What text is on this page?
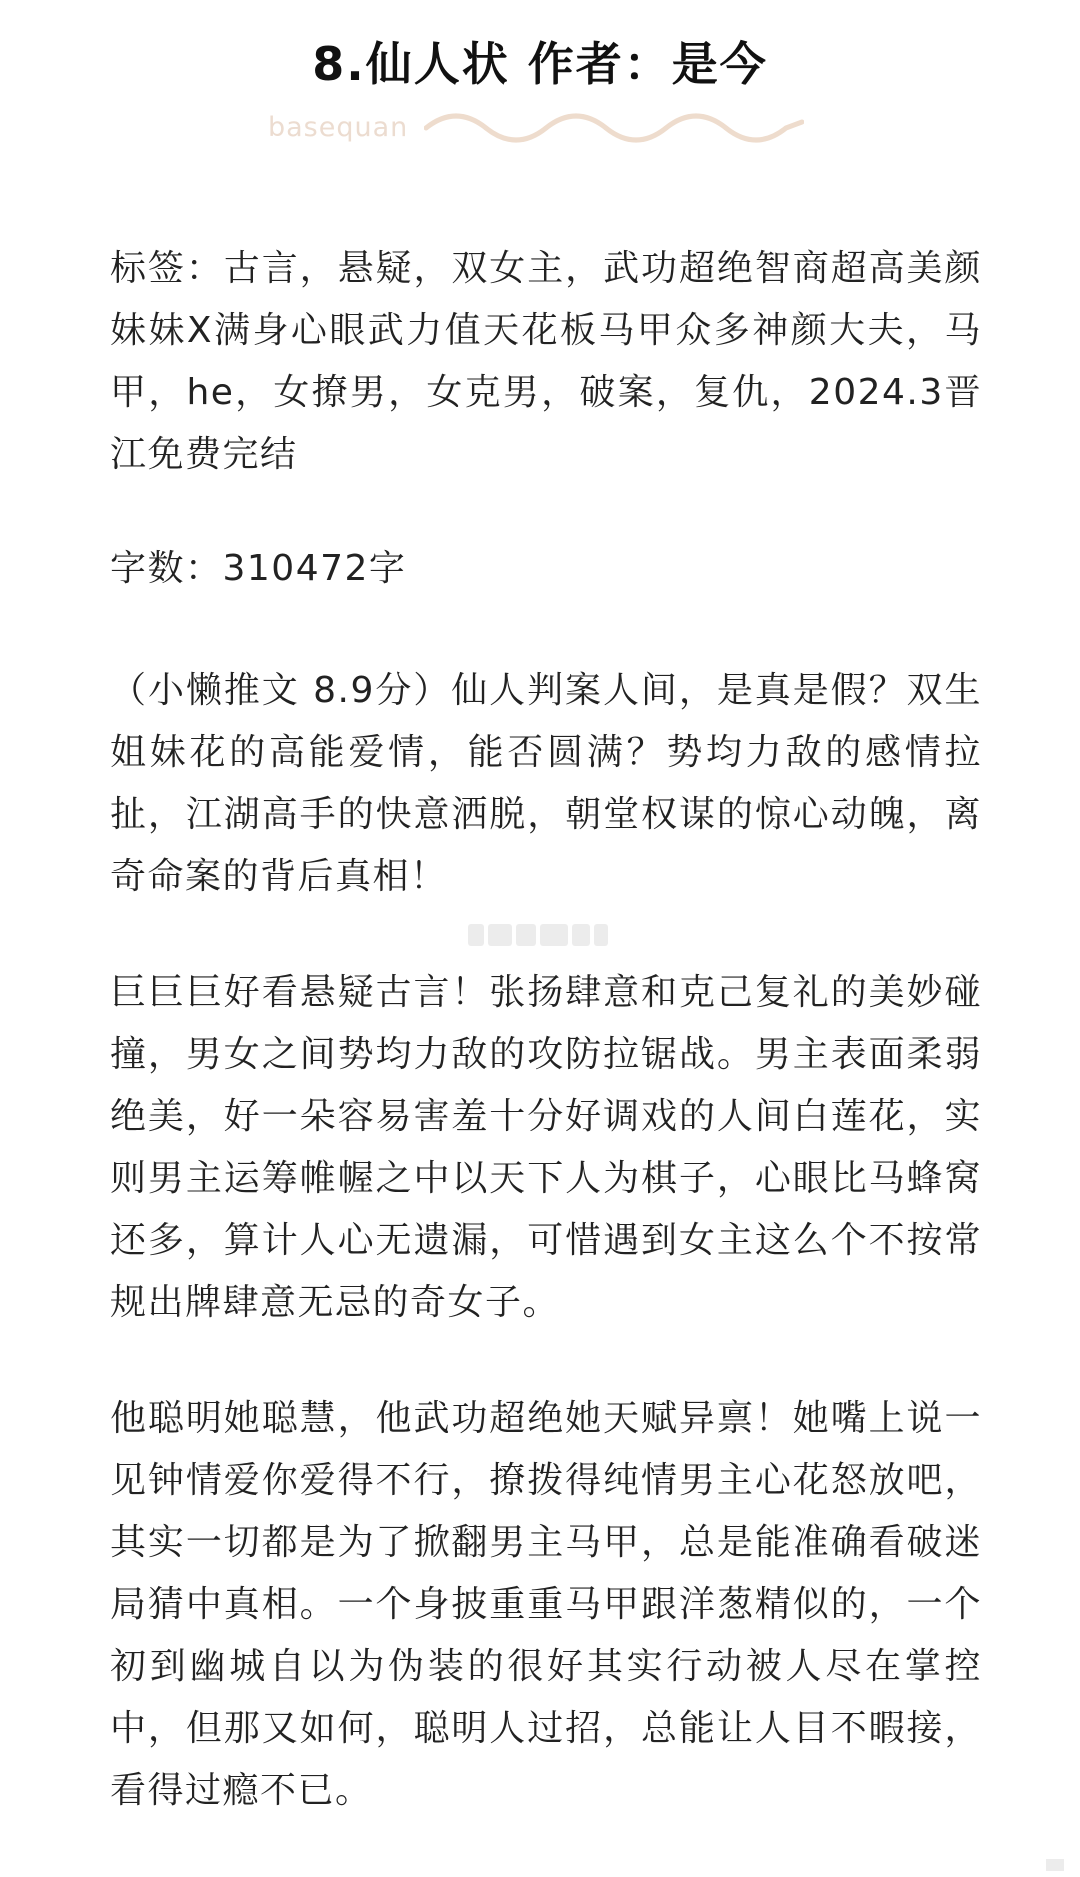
8.仙人状 作者：是今
basequan
标签：古言，悬疑，双女主，武功超绝智商超高美颜妹妹X满身心眼武力值天花板马甲众多神颜大夫，马甲，he，女撩男，女克男，破案，复仇，2024.3晋江免费完结
字数：310472字
（小懒推文 8.9分）仙人判案人间，是真是假？双生姐妹花的高能爱情，能否圆满？势均力敌的感情拉扯，江湖高手的快意洒脱，朝堂权谋的惊心动魄，离奇命案的背后真相！
巨巨巨好看悬疑古言！张扬肆意和克己复礼的美妙碰撞，男女之间势均力敌的攻防拉锯战。男主表面柔弱绝美，好一朵容易害羞十分好调戏的人间白莲花，实则男主运筹帷幄之中以天下人为棋子，心眼比马蜂窝还多，算计人心无遗漏，可惜遇到女主这么个不按常规出牌肆意无忌的奇女子。
他聪明她聪慧，他武功超绝她天赋异禀！她嘴上说一见钟情爱你爱得不行，撩拨得纯情男主心花怒放吧，其实一切都是为了掀翻男主马甲，总是能准确看破迷局猜中真相。一个身披重重马甲跟洋葱精似的，一个初到幽城自以为伪装的很好其实行动被人尽在掌控中，但那又如何，聪明人过招，总能让人目不暇接，看得过瘾不已。
